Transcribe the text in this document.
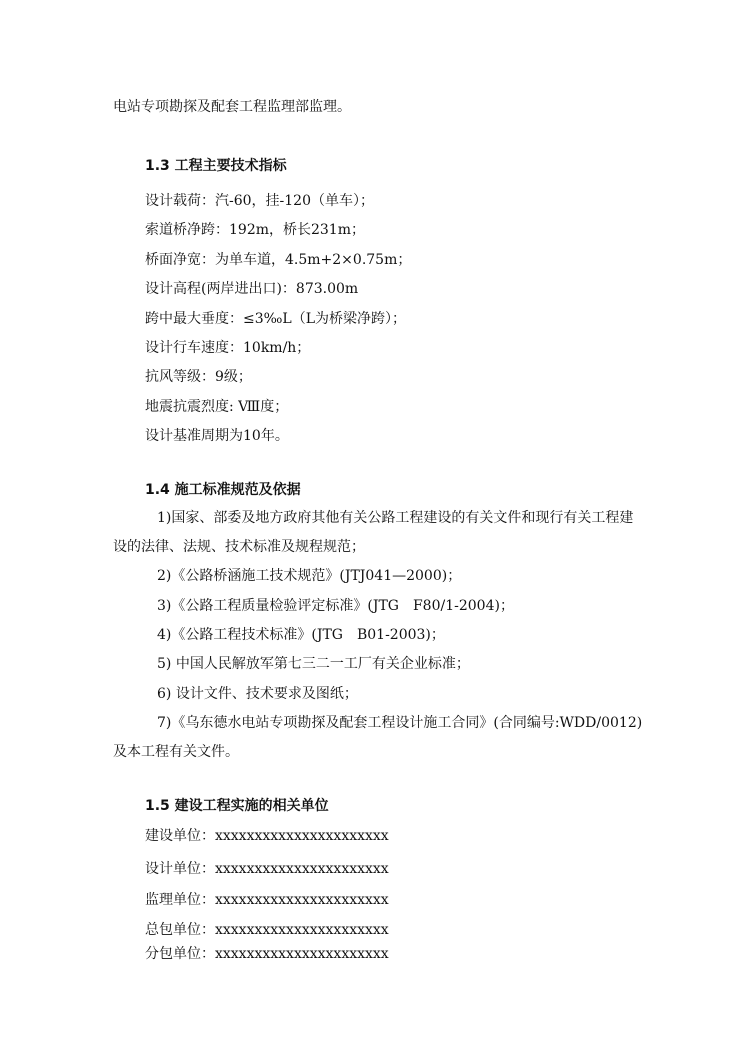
电站专项勘探及配套工程监理部监理。
1.3 工程主要技术指标
设计载荷：汽-60，挂-120（单车）；
索道桥净跨：192m，桥长231m；
桥面净宽：为单车道，4.5m+2×0.75m；
设计高程(两岸进出口)：873.00m
跨中最大垂度：≤3‰L（L为桥梁净跨）；
设计行车速度：10km/h；
抗风等级：9级；
地震抗震烈度: Ⅷ度；
设计基准周期为10年。
1.4 施工标准规范及依据
1)国家、部委及地方政府其他有关公路工程建设的有关文件和现行有关工程建
设的法律、法规、技术标准及规程规范；
2)《公路桥涵施工技术规范》(JTJ041—2000)；
3)《公路工程质量检验评定标准》(JTG　F80/1-2004)；
4)《公路工程技术标准》(JTG　B01-2003)；
5) 中国人民解放军第七三二一工厂有关企业标准；
6) 设计文件、技术要求及图纸；
7)《乌东德水电站专项勘探及配套工程设计施工合同》(合同编号:WDD/0012)
及本工程有关文件。
1.5 建设工程实施的相关单位
建设单位：xxxxxxxxxxxxxxxxxxxxxx
设计单位：xxxxxxxxxxxxxxxxxxxxxx
监理单位：xxxxxxxxxxxxxxxxxxxxxx
总包单位：xxxxxxxxxxxxxxxxxxxxxx
分包单位：xxxxxxxxxxxxxxxxxxxxxx
